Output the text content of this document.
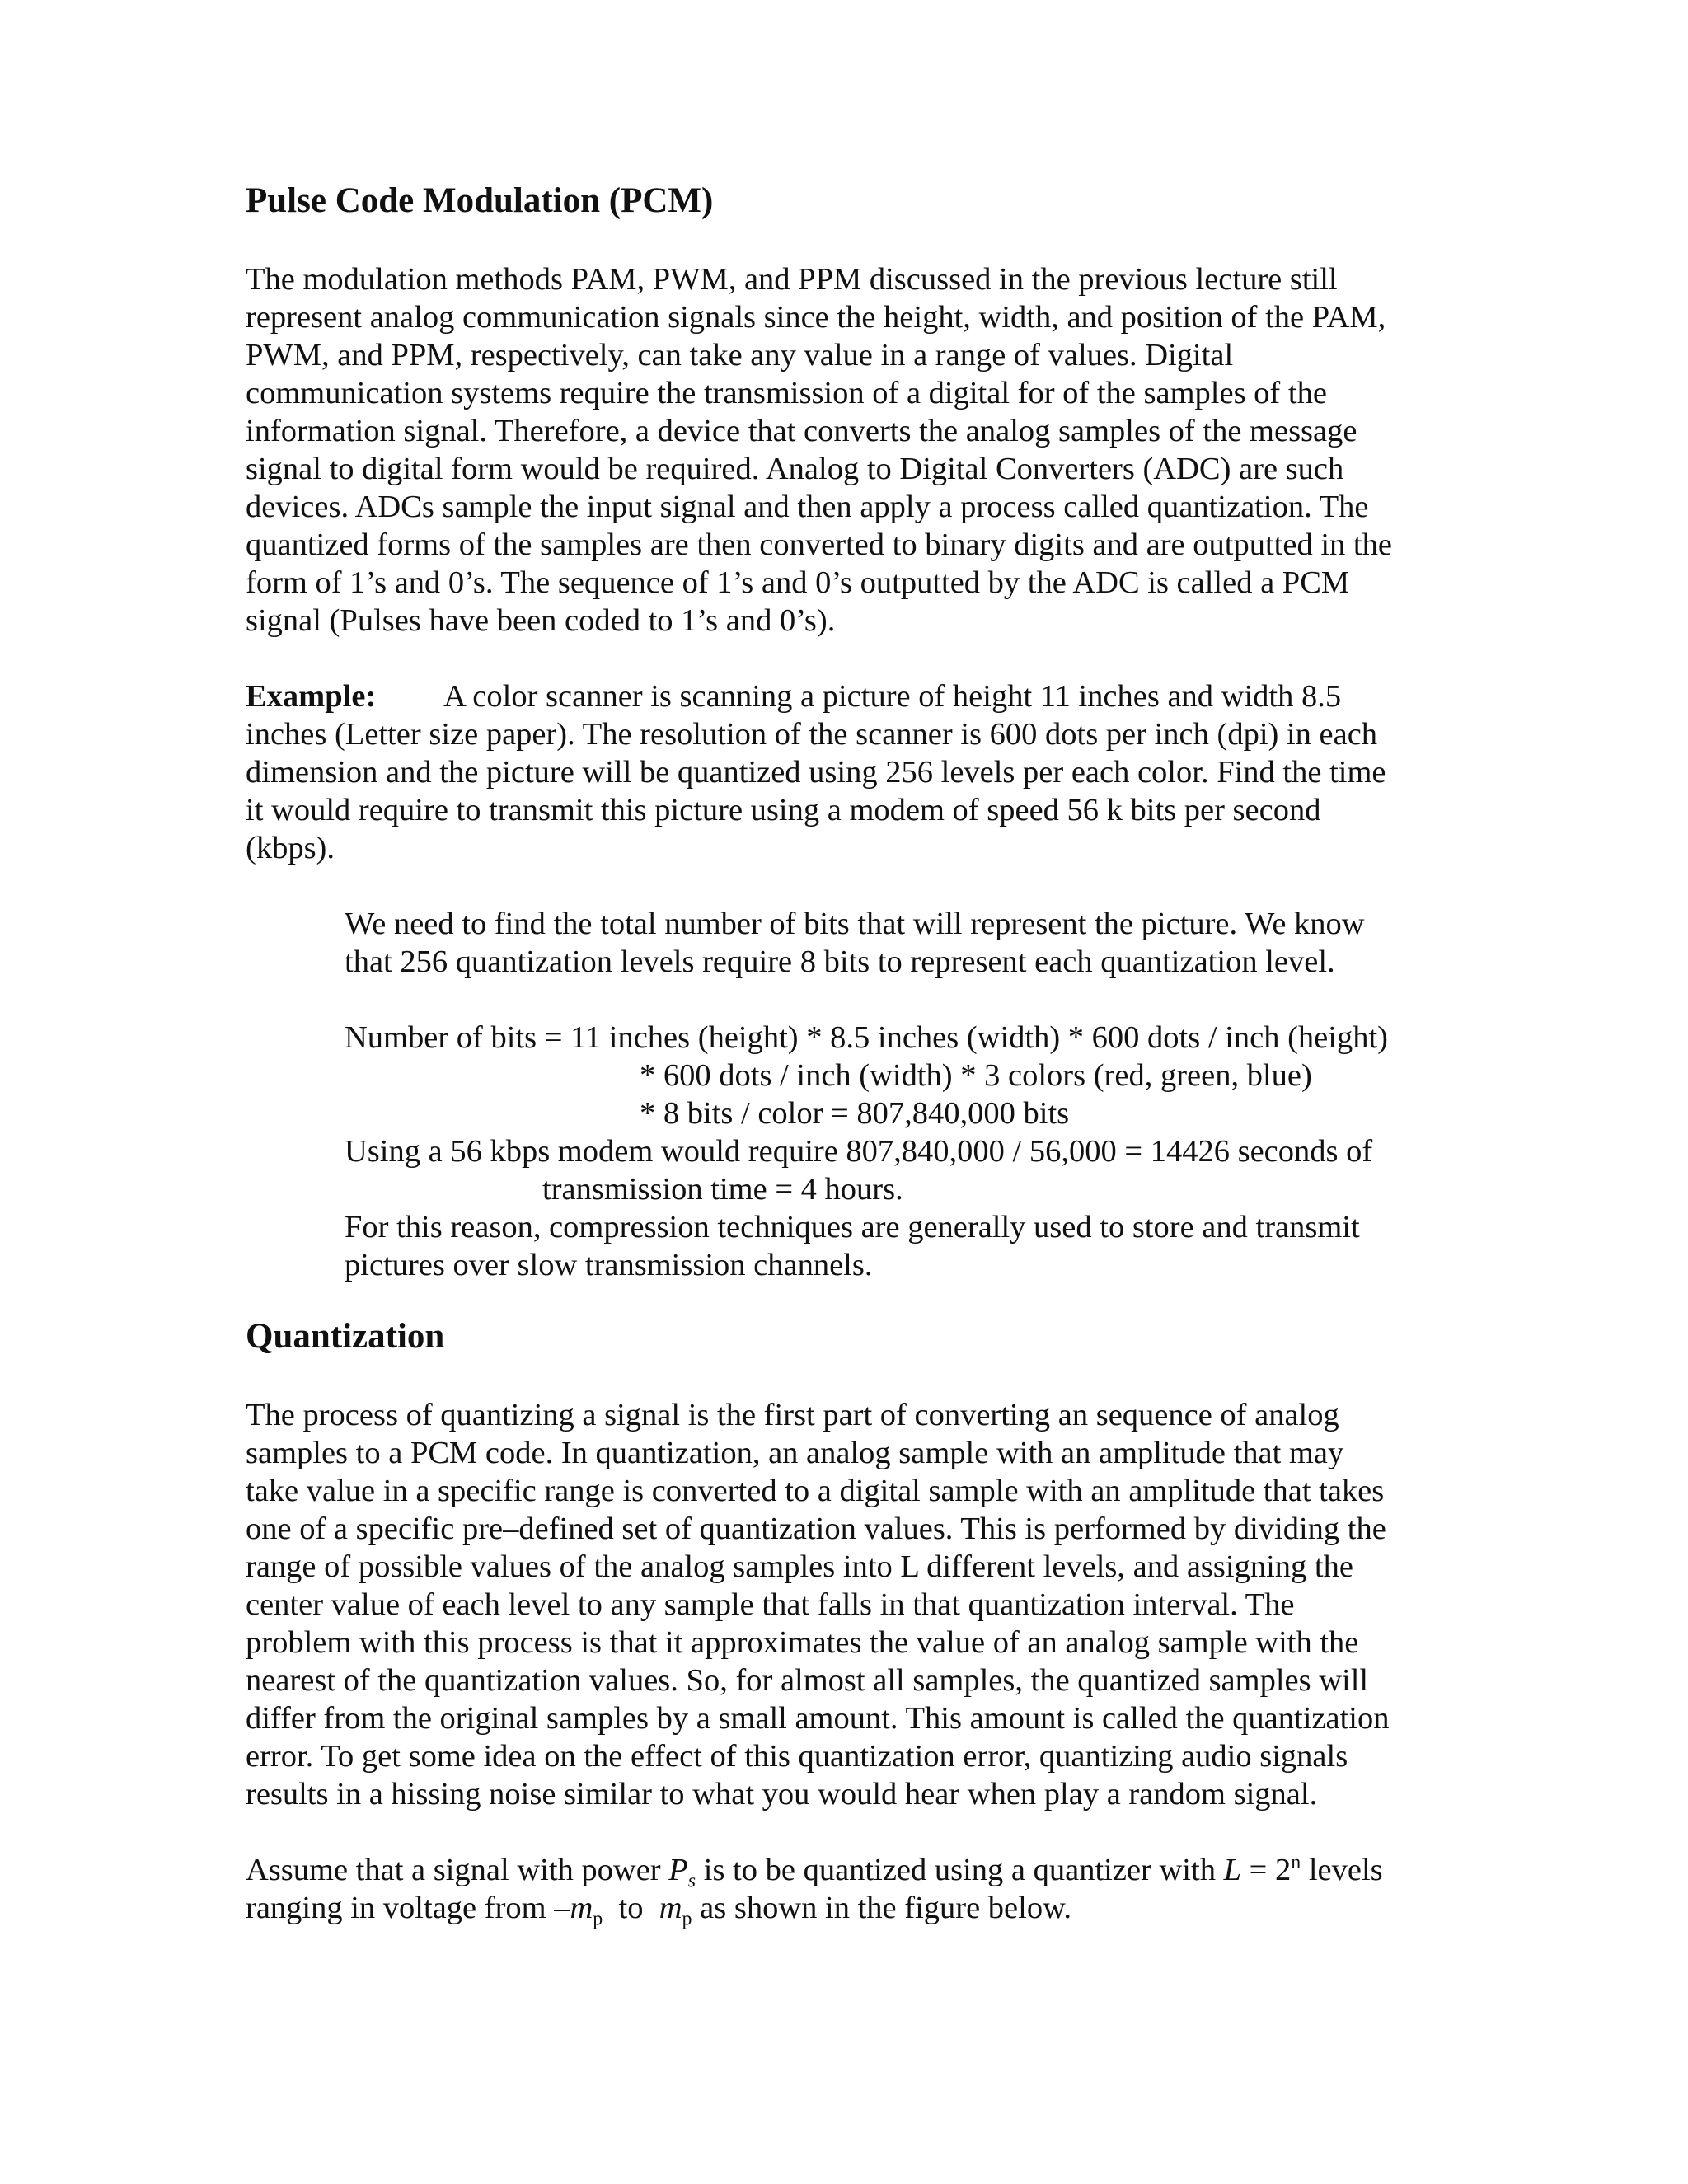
Pulse Code Modulation (PCM)

The modulation methods PAM, PWM, and PPM discussed in the previous lecture still
represent analog communication signals since the height, width, and position of the PAM,
PWM, and PPM, respectively, can take any value in a range of values. Digital
communication systems require the transmission of a digital for of the samples of the
information signal. Therefore, a device that converts the analog samples of the message
signal to digital form would be required. Analog to Digital Converters (ADC) are such
devices. ADCs sample the input signal and then apply a process called quantization. The
quantized forms of the samples are then converted to binary digits and are outputted in the
form of 1’s and 0’s. The sequence of 1’s and 0’s outputted by the ADC is called a PCM
signal (Pulses have been coded to 1’s and 0’s).

Example: A color scanner is scanning a picture of height 11 inches and width 8.5
inches (Letter size paper). The resolution of the scanner is 600 dots per inch (dpi) in each
dimension and the picture will be quantized using 256 levels per each color. Find the time
it would require to transmit this picture using a modem of speed 56 k bits per second
(kbps).

We need to find the total number of bits that will represent the picture. We know
that 256 quantization levels require 8 bits to represent each quantization level.

Number of bits = 11 inches (height) * 8.5 inches (width) * 600 dots / inch (height)
* 600 dots / inch (width) * 3 colors (red, green, blue)
* 8 bits / color = 807,840,000 bits
Using a 56 kbps modem would require 807,840,000 / 56,000 = 14426 seconds of
transmission time = 4 hours.
For this reason, compression techniques are generally used to store and transmit
pictures over slow transmission channels.

Quantization

The process of quantizing a signal is the first part of converting an sequence of analog
samples to a PCM code. In quantization, an analog sample with an amplitude that may
take value in a specific range is converted to a digital sample with an amplitude that takes
one of a specific pre–defined set of quantization values. This is performed by dividing the
range of possible values of the analog samples into L different levels, and assigning the
center value of each level to any sample that falls in that quantization interval. The
problem with this process is that it approximates the value of an analog sample with the
nearest of the quantization values. So, for almost all samples, the quantized samples will
differ from the original samples by a small amount. This amount is called the quantization
error. To get some idea on the effect of this quantization error, quantizing audio signals
results in a hissing noise similar to what you would hear when play a random signal.

Assume that a signal with power $P_s$ is to be quantized using a quantizer with $L = 2^n$ levels
ranging in voltage from $-m_p$  to  $m_p$ as shown in the figure below.
